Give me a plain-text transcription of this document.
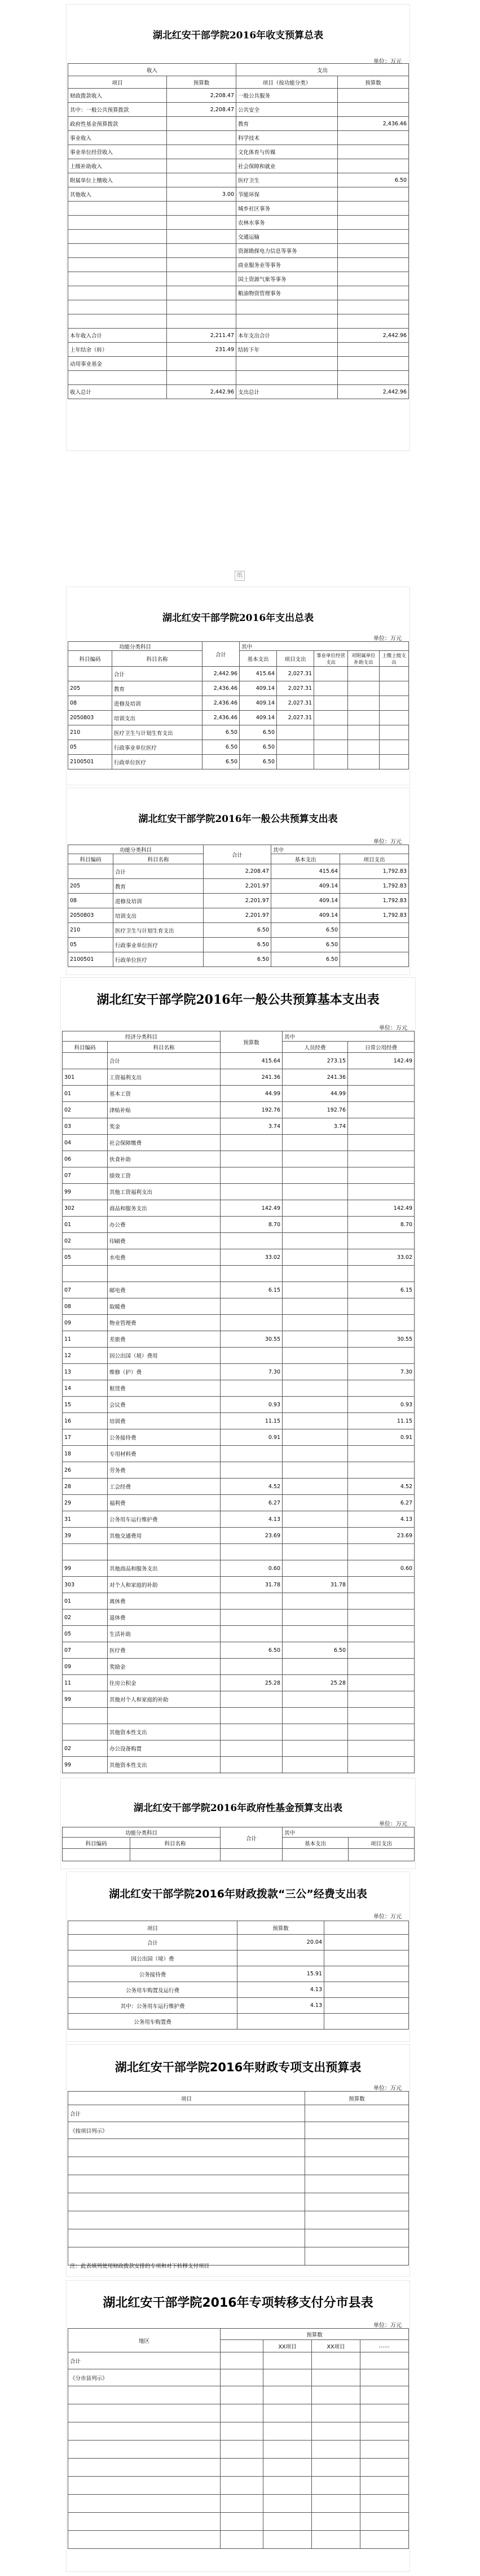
湖北红安干部学院2016年收支预算总表
单位：万元
收入		支出	
项目	预算数	项目（按功能分类）	预算数
财政拨款收入	2,208.47	一般公共服务	
其中：一般公共预算拨款	2,208.47	公共安全	
政府性基金预算拨款		教育	2,436.46
事业收入		科学技术	
事业单位经营收入		文化体育与传媒	
上级补助收入		社会保障和就业	
附属单位上缴收入		医疗卫生	6.50
其他收入	3.00	节能环保	
		城乡社区事务	
		农林水事务	
		交通运输	
		资源勘探电力信息等事务	
		商业服务业等事务	
		国土资源气象等事务	
		粮油物资管理事务	

本年收入合计	2,211.47	本年支出合计	2,442.96
上年结余（转）	231.49	结转下年	
动用事业基金			

收入总计	2,442.96	支出总计	2,442.96
纸
湖北红安干部学院2016年支出总表
单位：万元
功能分类科目		合计	其中				
科目编码	科目名称		基本支出	项目支出	事业单位经营支出	对附属单位补助支出	上缴上级支出

	合计	2,442.96	415.64	2,027.31			
205	教育	2,436.46	409.14	2,027.31			
08	进修及培训	2,436.46	409.14	2,027.31			
2050803	培训支出	2,436.46	409.14	2,027.31			
210	医疗卫生与计划生育支出	6.50	6.50				
05	行政事业单位医疗	6.50	6.50				
2100501	行政单位医疗	6.50	6.50				
湖北红安干部学院2016年一般公共预算支出表
单位：万元
功能分类科目		合计	其中	
科目编码	科目名称		基本支出	项目支出
	合计	2,208.47	415.64	1,792.83
205	教育	2,201.97	409.14	1,792.83
08	进修及培训	2,201.97	409.14	1,792.83
2050803	培训支出	2,201.97	409.14	1,792.83
210	医疗卫生与计划生育支出	6.50	6.50	
05	行政事业单位医疗	6.50	6.50	
2100501	行政单位医疗	6.50	6.50	
湖北红安干部学院2016年一般公共预算基本支出表
单位：万元
经济分类科目		预算数	其中	
科目编码	科目名称		人员经费	日常公用经费
	合计	415.64	273.15	142.49
301	工资福利支出	241.36	241.36	
01	基本工资	44.99	44.99	
02	津贴补贴	192.76	192.76	
03	奖金	3.74	3.74	
04	社会保障缴费			
06	伙食补助			
07	绩效工资			
99	其他工资福利支出			
302	商品和服务支出	142.49		142.49
01	办公费	8.70		8.70
02	印刷费			
05	水电费	33.02		33.02

07	邮电费	6.15		6.15
08	取暖费			
09	物业管理费			
11	差旅费	30.55		30.55
12	因公出国（境）费用			
13	维修（护）费	7.30		7.30
14	租赁费			
15	会议费	0.93		0.93
16	培训费	11.15		11.15
17	公务接待费	0.91		0.91
18	专用材料费			
26	劳务费			
28	工会经费	4.52		4.52
29	福利费	6.27		6.27
31	公务用车运行维护费	4.13		4.13
39	其他交通费用	23.69		23.69

99	其他商品和服务支出	0.60		0.60
303	对个人和家庭的补助	31.78	31.78	
01	离休费			
02	退休费			
05	生活补助			
07	医疗费	6.50	6.50	
09	奖励金			
11	住房公积金	25.28	25.28	
99	其他对个人和家庭的补助			

	其他资本性支出			
02	办公设备购置			
99	其他资本性支出			
湖北红安干部学院2016年政府性基金预算支出表
单位：万元
功能分类科目		合计	其中	
科目编码	科目名称		基本支出	项目支出

湖北红安干部学院2016年财政拨款“三公”经费支出表
单位：万元
项目	预算数	
合计	20.04	
因公出国（境）费		
公务接待费	15.91	
公务用车购置及运行费	4.13	
其中：公务用车运行维护费	4.13	
公务用车购置费		
湖北红安干部学院2016年财政专项支出预算表
单位：万元
项目	预算数
合计	
《按项目列示》	

注：此表填列使用财政拨款安排的专项和对下转移支付项目
湖北红安干部学院2016年专项转移支付分市县表
单位：万元
地区	预算数			
		XX项目	XX项目	……
合计				
《分市县列示》				
